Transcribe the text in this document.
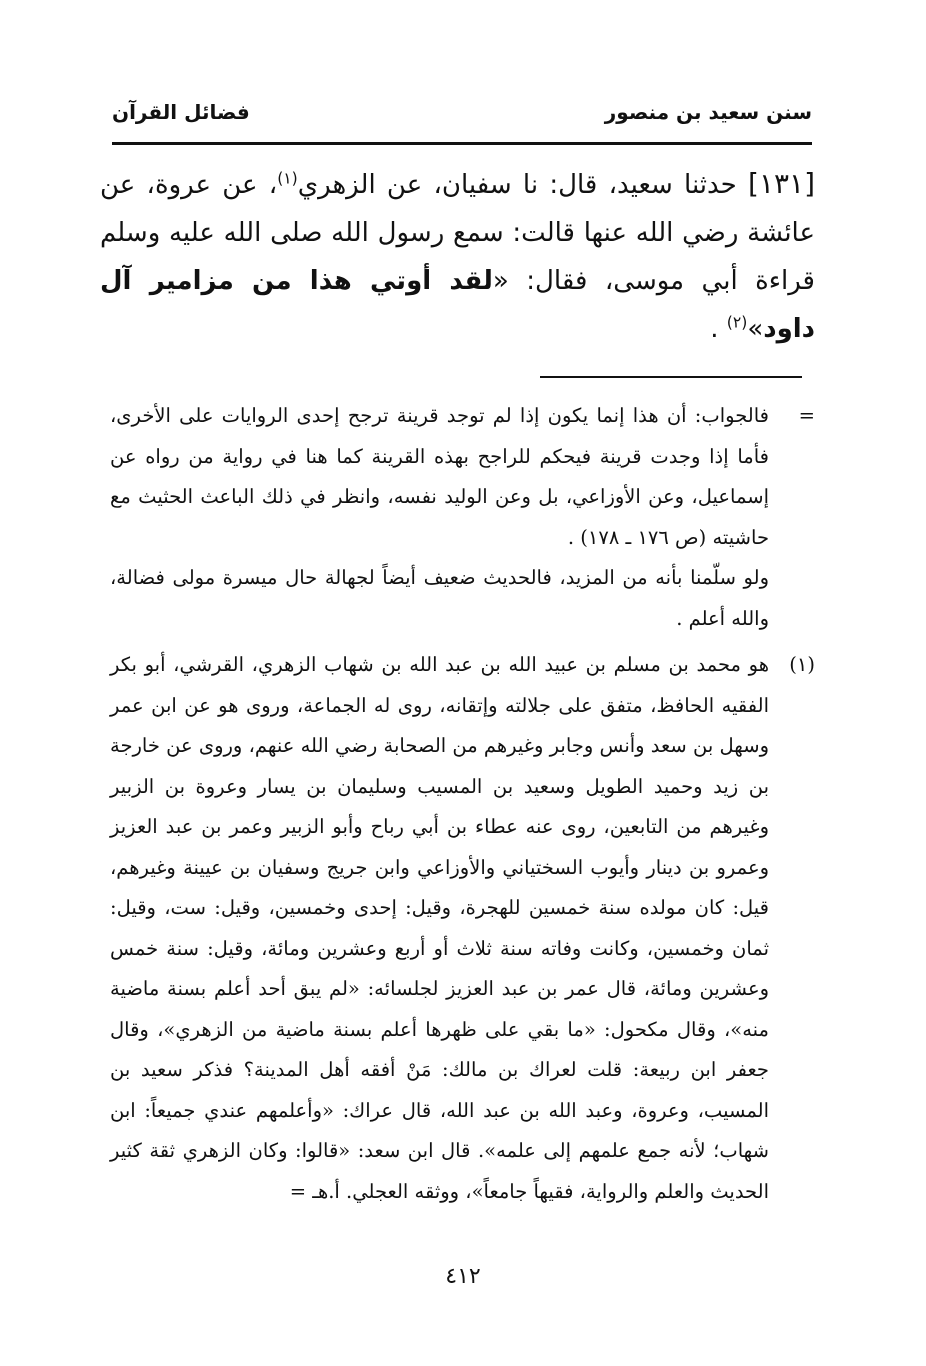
سنن سعيد بن منصور
فضائل القرآن
[١٣١] حدثنا سعيد، قال: نا سفيان، عن الزهري$^{(١)}$، عن عروة، عن عائشة رضي الله عنها قالت: سمع رسول الله صلى الله عليه وسلم قراءة أبي موسى، فقال: «لقد أوتي هذا من مزامير آل داود»$^{(٢)}$ .
=
فالجواب: أن هذا إنما يكون إذا لم توجد قرينة ترجح إحدى الروايات على الأخرى، فأما إذا وجدت قرينة فيحكم للراجح بهذه القرينة كما هنا في رواية من رواه عن إسماعيل، وعن الأوزاعي، بل وعن الوليد نفسه، وانظر في ذلك الباعث الحثيث مع حاشيته (ص ١٧٦ ـ ١٧٨) .
ولو سلّمنا بأنه من المزيد، فالحديث ضعيف أيضاً لجهالة حال ميسرة مولى فضالة، والله أعلم .
(١)
هو محمد بن مسلم بن عبيد الله بن عبد الله بن شهاب الزهري، القرشي، أبو بكر الفقيه الحافظ، متفق على جلالته وإتقانه، روى له الجماعة، وروى هو عن ابن عمر وسهل بن سعد وأنس وجابر وغيرهم من الصحابة رضي الله عنهم، وروى عن خارجة بن زيد وحميد الطويل وسعيد بن المسيب وسليمان بن يسار وعروة بن الزبير وغيرهم من التابعين، روى عنه عطاء بن أبي رباح وأبو الزبير وعمر بن عبد العزيز وعمرو بن دينار وأيوب السختياني والأوزاعي وابن جريج وسفيان بن عيينة وغيرهم، قيل: كان مولده سنة خمسين للهجرة، وقيل: إحدى وخمسين، وقيل: ست، وقيل: ثمان وخمسين، وكانت وفاته سنة ثلاث أو أربع وعشرين ومائة، وقيل: سنة خمس وعشرين ومائة، قال عمر بن عبد العزيز لجلسائه: «لم يبق أحد أعلم بسنة ماضية منه»، وقال مكحول: «ما بقي على ظهرها أعلم بسنة ماضية من الزهري»، وقال جعفر ابن ربيعة: قلت لعراك بن مالك: مَنْ أفقه أهل المدينة؟ فذكر سعيد بن المسيب، وعروة، وعبد الله بن عبد الله، قال عراك: «وأعلمهم عندي جميعاً: ابن شهاب؛ لأنه جمع علمهم إلى علمه». قال ابن سعد: «قالوا: وكان الزهري ثقة كثير الحديث والعلم والرواية، فقيهاً جامعاً»، ووثقه العجلي. أ.هـ =
٤١٢
